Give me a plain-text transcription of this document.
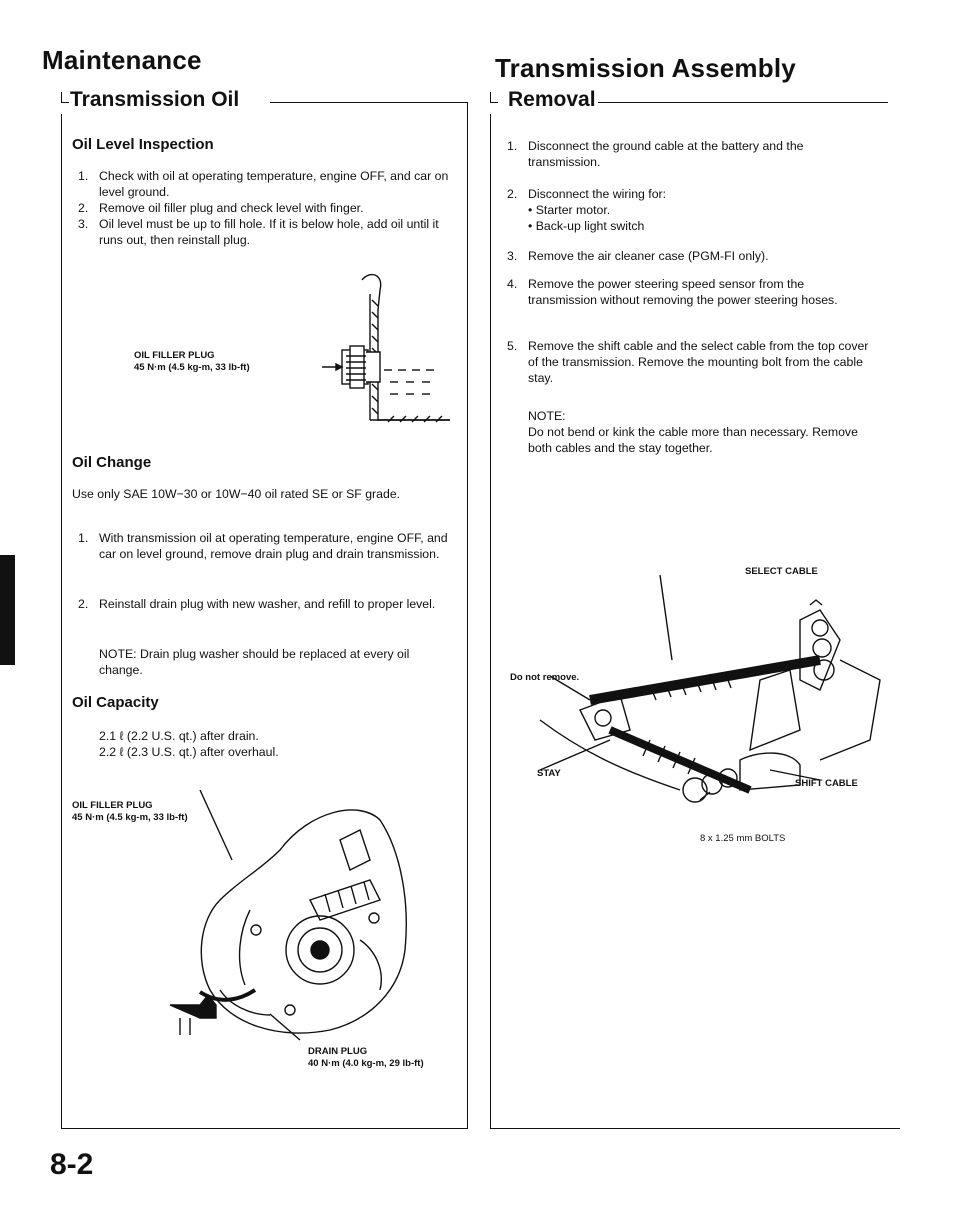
Maintenance
Transmission Oil
Oil Level Inspection
1. Check with oil at operating temperature, engine OFF, and car on level ground.
2. Remove oil filler plug and check level with finger.
3. Oil level must be up to fill hole. If it is below hole, add oil until it runs out, then reinstall plug.
OIL FILLER PLUG
45 N·m (4.5 kg-m, 33 lb-ft)
Oil Change
Use only SAE 10W−30 or 10W−40 oil rated SE or SF grade.
1. With transmission oil at operating temperature, engine OFF, and car on level ground, remove drain plug and drain transmission.
2. Reinstall drain plug with new washer, and refill to proper level.
NOTE: Drain plug washer should be replaced at every oil change.
Oil Capacity
2.1 ℓ (2.2 U.S. qt.) after drain.
2.2 ℓ (2.3 U.S. qt.) after overhaul.
OIL FILLER PLUG
45 N·m (4.5 kg-m, 33 lb-ft)
DRAIN PLUG
40 N·m (4.0 kg-m, 29 lb-ft)
8-2
Transmission Assembly
Removal
1. Disconnect the ground cable at the battery and the transmission.
2. Disconnect the wiring for:
• Starter motor.
• Back-up light switch
3. Remove the air cleaner case (PGM-FI only).
4. Remove the power steering speed sensor from the transmission without removing the power steering hoses.
5. Remove the shift cable and the select cable from the top cover of the transmission. Remove the mounting bolt from the cable stay.
NOTE:
Do not bend or kink the cable more than necessary. Remove both cables and the stay together.
SELECT CABLE
Do not remove.
STAY
SHIFT CABLE
8 x 1.25 mm BOLTS
